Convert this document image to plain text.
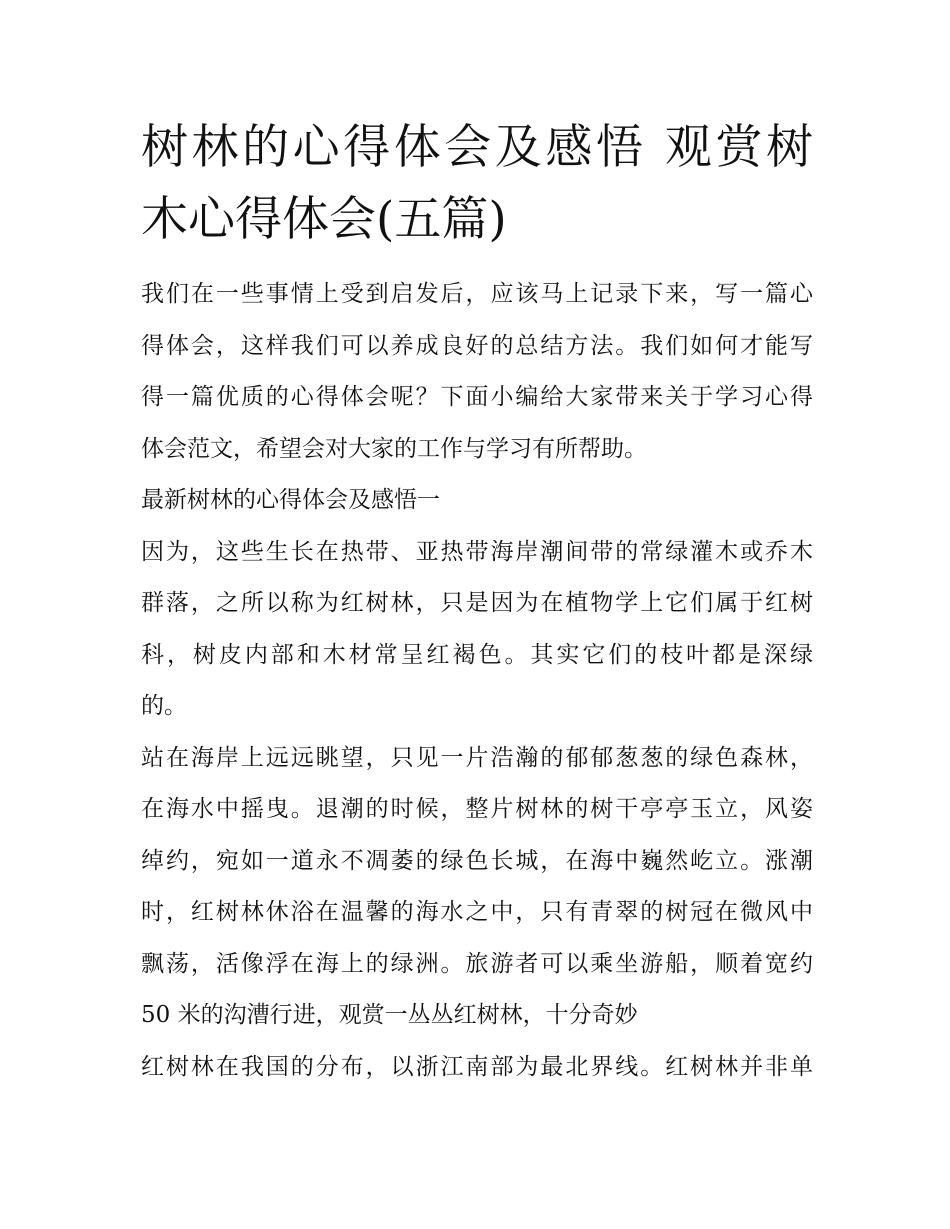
树林的心得体会及感悟 观赏树
木心得体会(五篇)

我们在一些事情上受到启发后，应该马上记录下来，写一篇心
得体会，这样我们可以养成良好的总结方法。我们如何才能写
得一篇优质的心得体会呢？下面小编给大家带来关于学习心得
体会范文，希望会对大家的工作与学习有所帮助。

最新树林的心得体会及感悟一

因为，这些生长在热带、亚热带海岸潮间带的常绿灌木或乔木
群落，之所以称为红树林，只是因为在植物学上它们属于红树
科，树皮内部和木材常呈红褐色。其实它们的枝叶都是深绿
的。

站在海岸上远远眺望，只见一片浩瀚的郁郁葱葱的绿色森林，
在海水中摇曳。退潮的时候，整片树林的树干亭亭玉立，风姿
绰约，宛如一道永不凋萎的绿色长城，在海中巍然屹立。涨潮
时，红树林休浴在温馨的海水之中，只有青翠的树冠在微风中
飘荡，活像浮在海上的绿洲。旅游者可以乘坐游船，顺着宽约
50 米的沟漕行进，观赏一丛丛红树林，十分奇妙

红树林在我国的分布，以浙江南部为最北界线。红树林并非单
